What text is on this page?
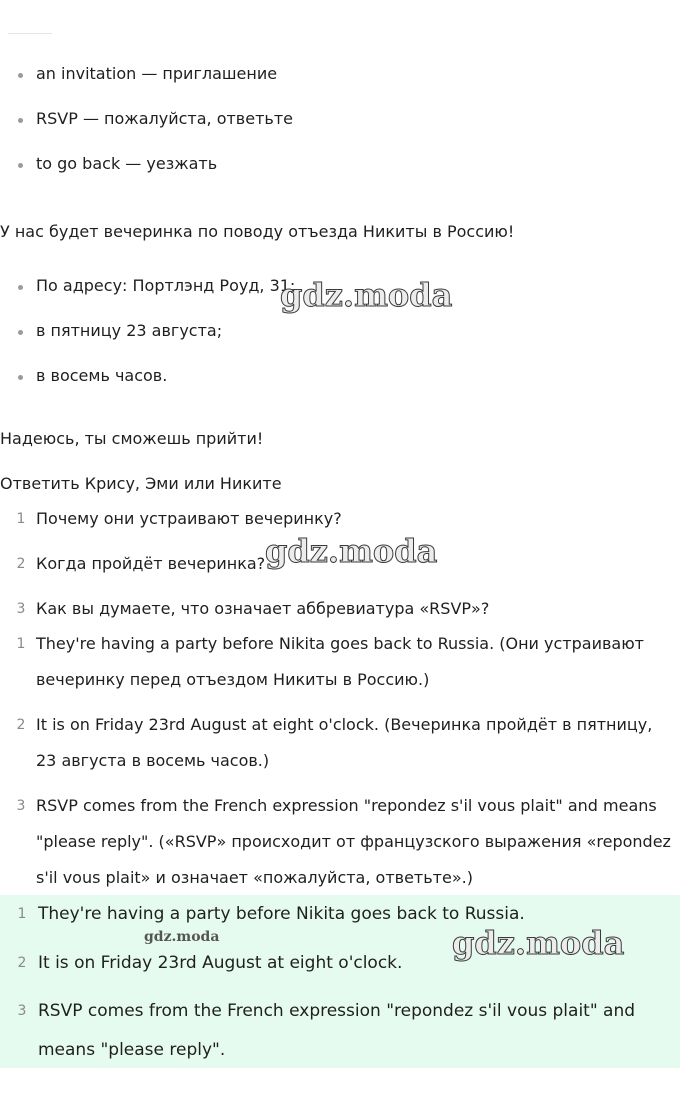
an invitation — приглашение
RSVP — пожалуйста, ответьте
to go back — уезжать
У нас будет вечеринка по поводу отъезда Никиты в Россию!
По адресу: Портлэнд Роуд, 31;
в пятницу 23 августа;
в восемь часов.
Надеюсь, ты сможешь прийти!
Ответить Крису, Эми или Никите
1 Почему они устраивают вечеринку?
2 Когда пройдёт вечеринка?
3 Как вы думаете, что означает аббревиатура «RSVP»?
1 They're having a party before Nikita goes back to Russia. (Они устраивают вечеринку перед отъездом Никиты в Россию.)
2 It is on Friday 23rd August at eight o'clock. (Вечеринка пройдёт в пятницу, 23 августа в восемь часов.)
3 RSVP comes from the French expression "repondez s'il vous plait" and means "please reply". («RSVP» происходит от французского выражения «repondez s'il vous plait» и означает «пожалуйста, ответьте».)
1 They're having a party before Nikita goes back to Russia.
2 It is on Friday 23rd August at eight o'clock.
3 RSVP comes from the French expression "repondez s'il vous plait" and means "please reply".
gdz.moda
gdz.moda
gdz.moda	gdz.moda
